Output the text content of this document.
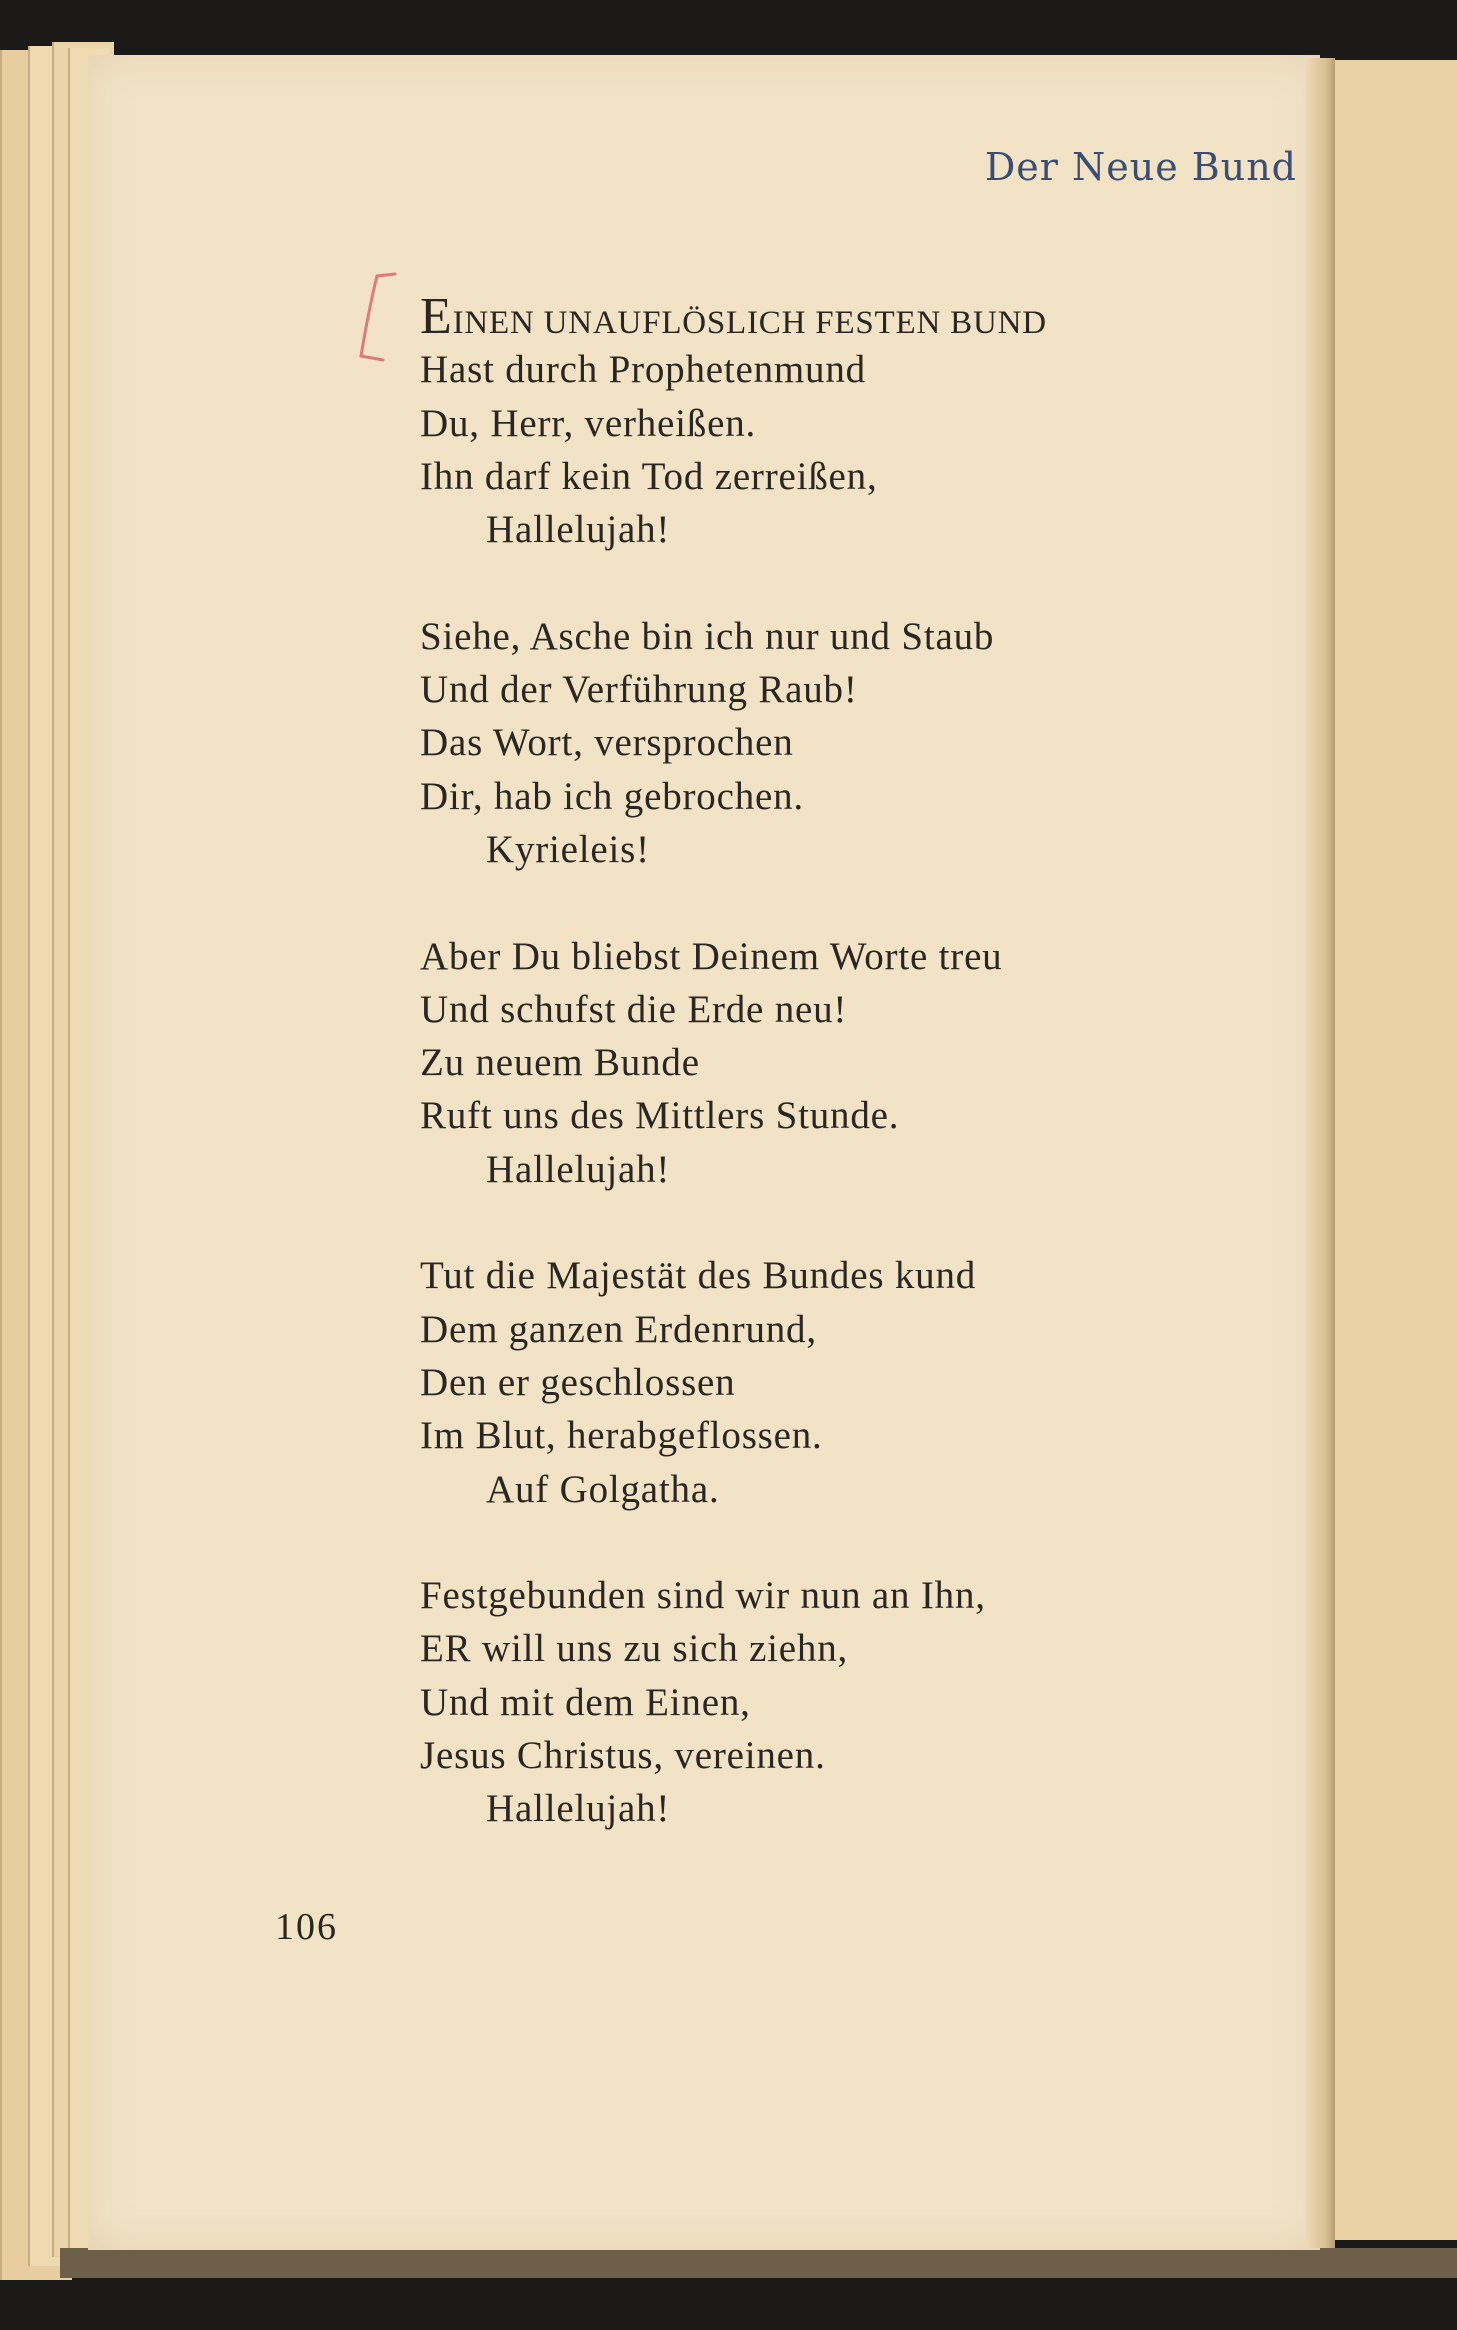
Der Neue Bund
EINEN UNAUFLÖSLICH FESTEN BUND
Hast durch Prophetenmund
Du, Herr, verheißen.
Ihn darf kein Tod zerreißen,
Hallelujah!
Siehe, Asche bin ich nur und Staub
Und der Verführung Raub!
Das Wort, versprochen
Dir, hab ich gebrochen.
Kyrieleis!
Aber Du bliebst Deinem Worte treu
Und schufst die Erde neu!
Zu neuem Bunde
Ruft uns des Mittlers Stunde.
Hallelujah!
Tut die Majestät des Bundes kund
Dem ganzen Erdenrund,
Den er geschlossen
Im Blut, herabgeflossen.
Auf Golgatha.
Festgebunden sind wir nun an Ihn,
ER will uns zu sich ziehn,
Und mit dem Einen,
Jesus Christus, vereinen.
Hallelujah!
106
